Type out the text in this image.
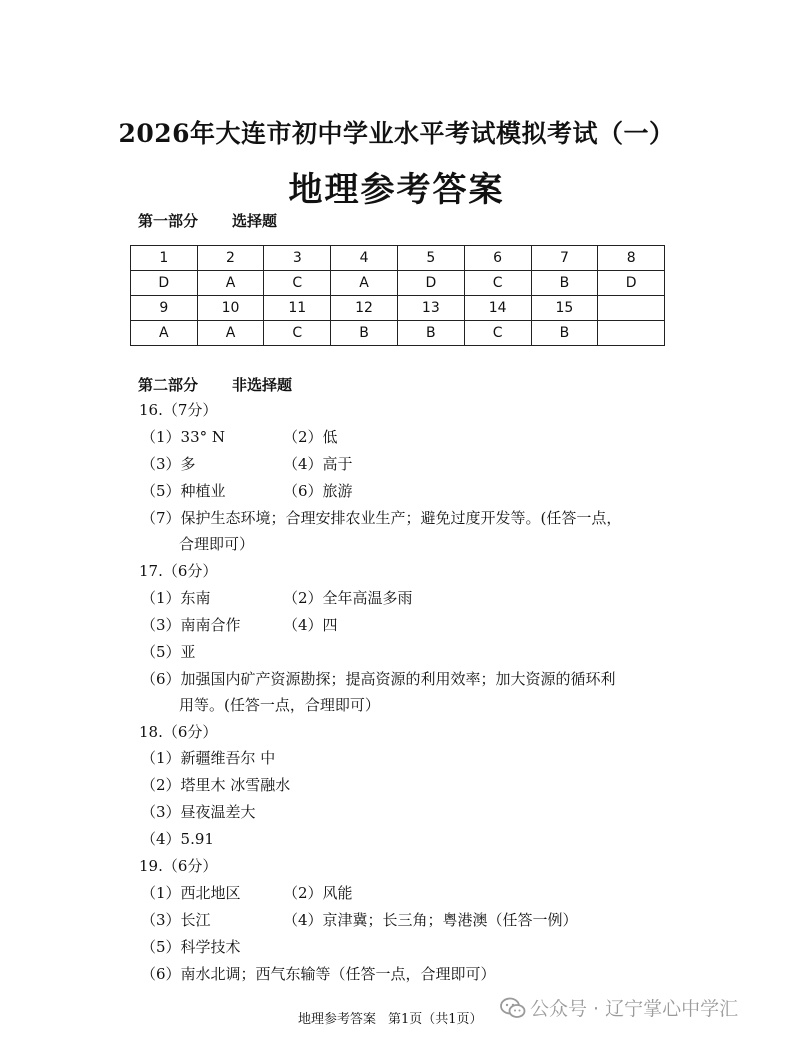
2026年大连市初中学业水平考试模拟考试（一）
地理参考答案
第一部分 选择题
1	2	3	4	5	6	7	8
D	A	C	A	D	C	B	D
9	10	11	12	13	14	15	
A	A	C	B	B	C	B	
第二部分 非选择题
16.（7分）
（1）33° N	（2）低
（3）多	（4）高于
（5）种植业	（6）旅游
（7）保护生态环境；合理安排农业生产；避免过度开发等。(任答一点，
合理即可）
17.（6分）
（1）东南	（2）全年高温多雨
（3）南南合作	（4）四
（5）亚
（6）加强国内矿产资源勘探；提高资源的利用效率；加大资源的循环利
用等。(任答一点，合理即可）
18.（6分）
（1）新疆维吾尔 中
（2）塔里木 冰雪融水
（3）昼夜温差大
（4）5.91
19.（6分）
（1）西北地区	（2）风能
（3）长江	（4）京津冀；长三角；粤港澳（任答一例）
（5）科学技术
（6）南水北调；西气东输等（任答一点，合理即可）
地理参考答案 第1页（共1页） 公众号 · 辽宁掌心中学汇
